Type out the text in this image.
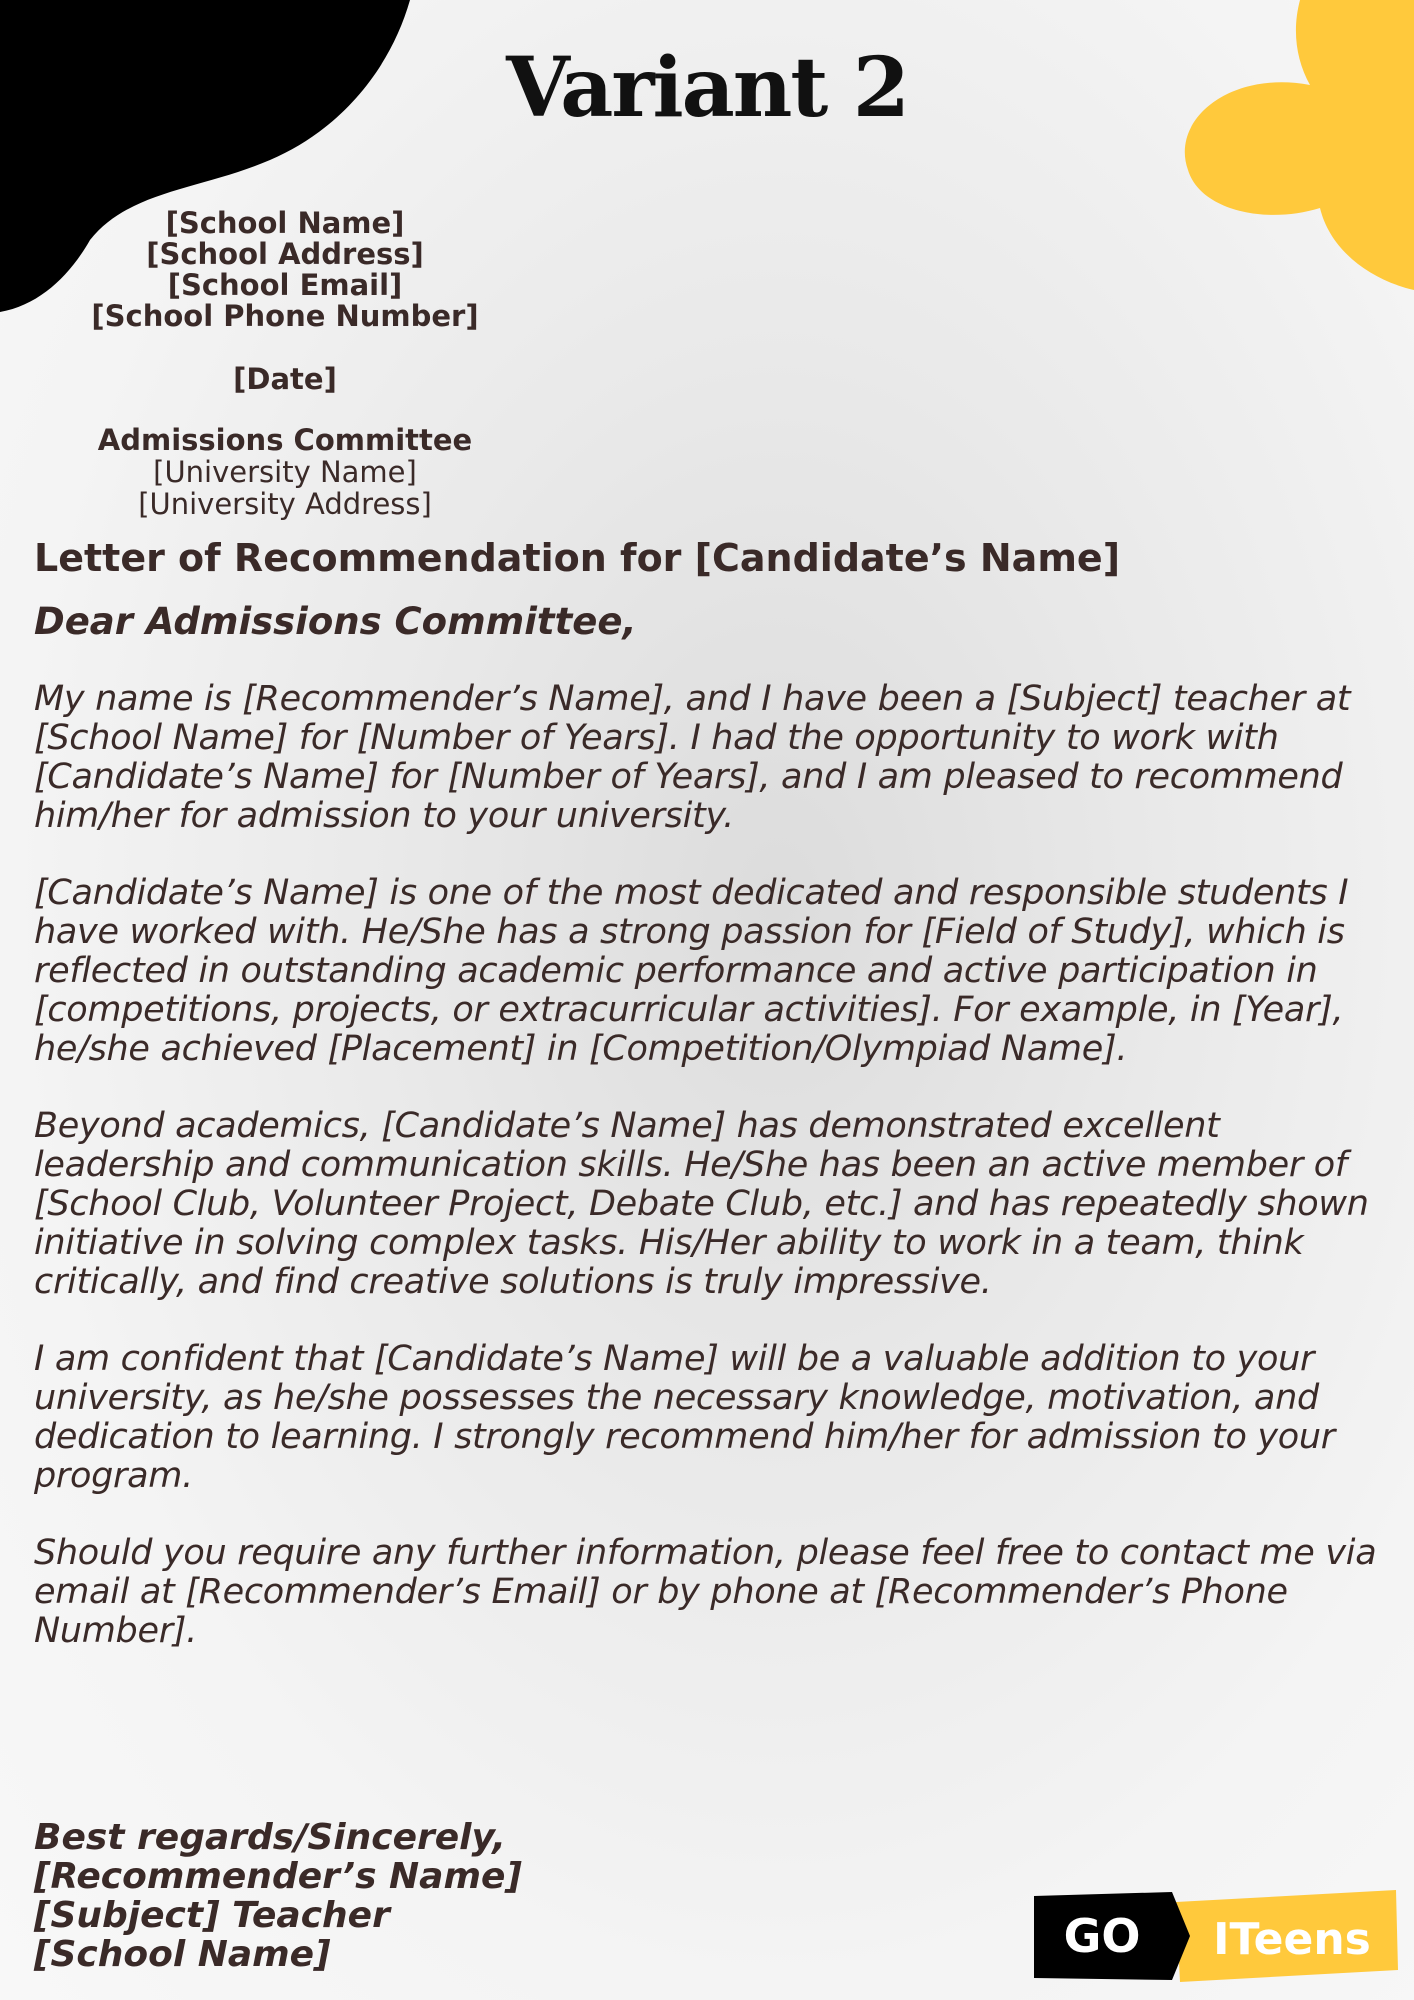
Variant 2
[School Name]
[School Address]
[School Email]
[School Phone Number]
[Date]
Admissions Committee
[University Name]
[University Address]
Letter of Recommendation for [Candidate’s Name]

Dear Admissions Committee,

My name is [Recommender’s Name], and I have been a [Subject] teacher at [School Name] for [Number of Years]. I had the opportunity to work with [Candidate’s Name] for [Number of Years], and I am pleased to recommend him/her for admission to your university.

[Candidate’s Name] is one of the most dedicated and responsible students I have worked with. He/She has a strong passion for [Field of Study], which is reflected in outstanding academic performance and active participation in [competitions, projects, or extracurricular activities]. For example, in [Year], he/she achieved [Placement] in [Competition/Olympiad Name].

Beyond academics, [Candidate’s Name] has demonstrated excellent leadership and communication skills. He/She has been an active member of [School Club, Volunteer Project, Debate Club, etc.] and has repeatedly shown initiative in solving complex tasks. His/Her ability to work in a team, think critically, and find creative solutions is truly impressive.

I am confident that [Candidate’s Name] will be a valuable addition to your university, as he/she possesses the necessary knowledge, motivation, and dedication to learning. I strongly recommend him/her for admission to your program.

Should you require any further information, please feel free to contact me via email at [Recommender’s Email] or by phone at [Recommender’s Phone Number].

Best regards/Sincerely,
[Recommender’s Name]
[Subject] Teacher
[School Name]	GO ITeens
